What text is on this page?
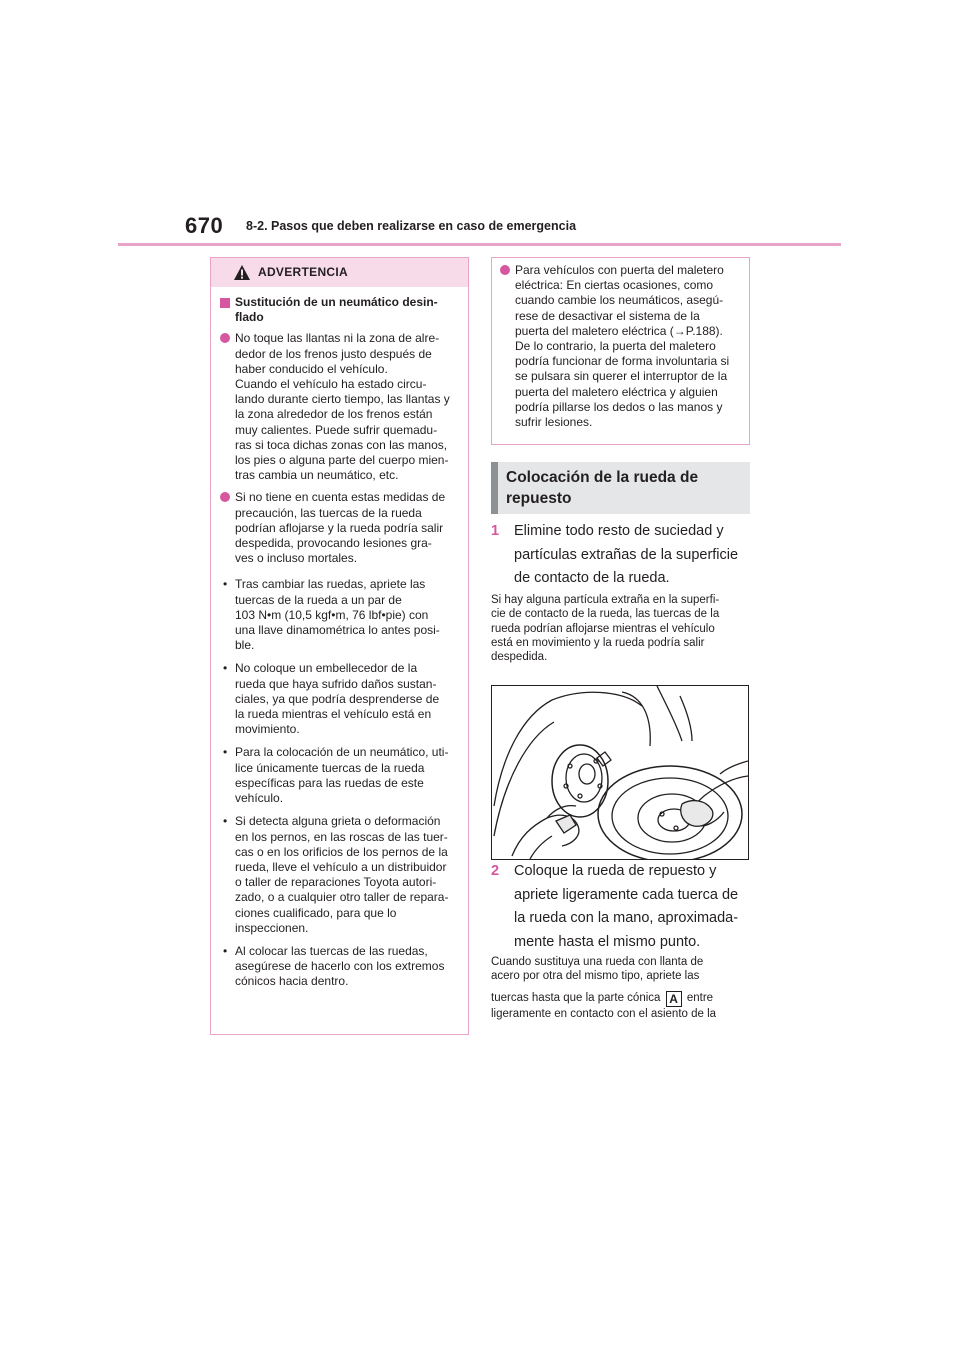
670 8-2. Pasos que deben realizarse en caso de emergencia
ADVERTENCIA
Sustitución de un neumático desin-
flado
No toque las llantas ni la zona de alre-
dedor de los frenos justo después de
haber conducido el vehículo.
Cuando el vehículo ha estado circu-
lando durante cierto tiempo, las llantas y
la zona alrededor de los frenos están
muy calientes. Puede sufrir quemadu-
ras si toca dichas zonas con las manos,
los pies o alguna parte del cuerpo mien-
tras cambia un neumático, etc.
Si no tiene en cuenta estas medidas de
precaución, las tuercas de la rueda
podrían aflojarse y la rueda podría salir
despedida, provocando lesiones gra-
ves o incluso mortales.
• Tras cambiar las ruedas, apriete las
tuercas de la rueda a un par de
103 N•m (10,5 kgf•m, 76 lbf•pie) con
una llave dinamométrica lo antes posi-
ble.
• No coloque un embellecedor de la
rueda que haya sufrido daños sustan-
ciales, ya que podría desprenderse de
la rueda mientras el vehículo está en
movimiento.
• Para la colocación de un neumático, uti-
lice únicamente tuercas de la rueda
específicas para las ruedas de este
vehículo.
• Si detecta alguna grieta o deformación
en los pernos, en las roscas de las tuer-
cas o en los orificios de los pernos de la
rueda, lleve el vehículo a un distribuidor
o taller de reparaciones Toyota autori-
zado, o a cualquier otro taller de repara-
ciones cualificado, para que lo
inspeccionen.
• Al colocar las tuercas de las ruedas,
asegúrese de hacerlo con los extremos
cónicos hacia dentro.
Para vehículos con puerta del maletero
eléctrica: En ciertas ocasiones, como
cuando cambie los neumáticos, asegú-
rese de desactivar el sistema de la
puerta del maletero eléctrica (→P.188).
De lo contrario, la puerta del maletero
podría funcionar de forma involuntaria si
se pulsara sin querer el interruptor de la
puerta del maletero eléctrica y alguien
podría pillarse los dedos o las manos y
sufrir lesiones.
Colocación de la rueda de
repuesto
1 Elimine todo resto de suciedad y
partículas extrañas de la superficie
de contacto de la rueda.
Si hay alguna partícula extraña en la superfi-
cie de contacto de la rueda, las tuercas de la
rueda podrían aflojarse mientras el vehículo
está en movimiento y la rueda podría salir
despedida.
2 Coloque la rueda de repuesto y
apriete ligeramente cada tuerca de
la rueda con la mano, aproximada-
mente hasta el mismo punto.
Cuando sustituya una rueda con llanta de
acero por otra del mismo tipo, apriete las
tuercas hasta que la parte cónica A entre
ligeramente en contacto con el asiento de la
